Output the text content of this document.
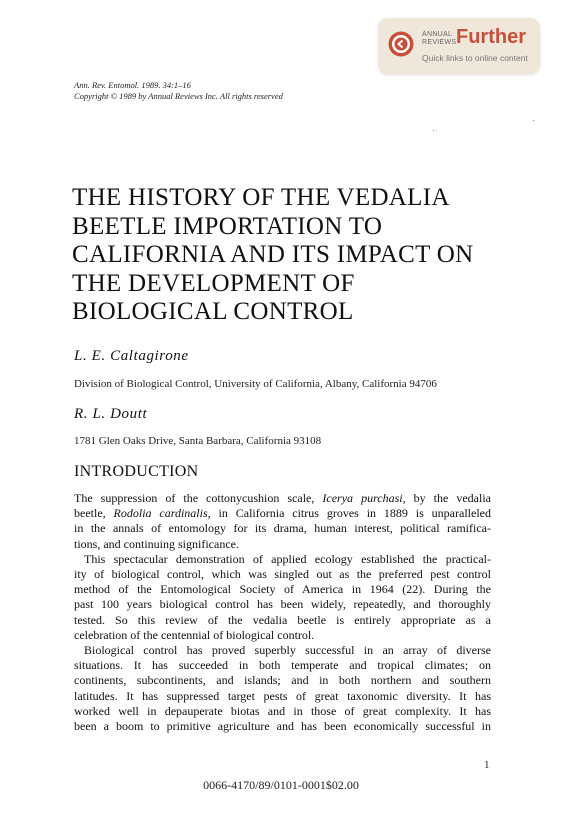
ANNUAL
REVIEWS Further
Quick links to online content
Ann. Rev. Entomol. 1989. 34:1–16
Copyright © 1989 by Annual Reviews Inc. All rights reserved
THE HISTORY OF THE VEDALIA
BEETLE IMPORTATION TO
CALIFORNIA AND ITS IMPACT ON
THE DEVELOPMENT OF
BIOLOGICAL CONTROL
L. E. Caltagirone
Division of Biological Control, University of California, Albany, California 94706
R. L. Doutt
1781 Glen Oaks Drive, Santa Barbara, California 93108
INTRODUCTION
The suppression of the cottonycushion scale, Icerya purchasi, by the vedalia
beetle, Rodolia cardinalis, in California citrus groves in 1889 is unparalleled
in the annals of entomology for its drama, human interest, political ramifica-
tions, and continuing significance.
This spectacular demonstration of applied ecology established the practical-
ity of biological control, which was singled out as the preferred pest control
method of the Entomological Society of America in 1964 (22). During the
past 100 years biological control has been widely, repeatedly, and thoroughly
tested. So this review of the vedalia beetle is entirely appropriate as a
celebration of the centennial of biological control.
Biological control has proved superbly successful in an array of diverse
situations. It has succeeded in both temperate and tropical climates; on
continents, subcontinents, and islands; and in both northern and southern
latitudes. It has suppressed target pests of great taxonomic diversity. It has
worked well in depauperate biotas and in those of great complexity. It has
been a boom to primitive agriculture and has been economically successful in
1
0066-4170/89/0101-0001$02.00
